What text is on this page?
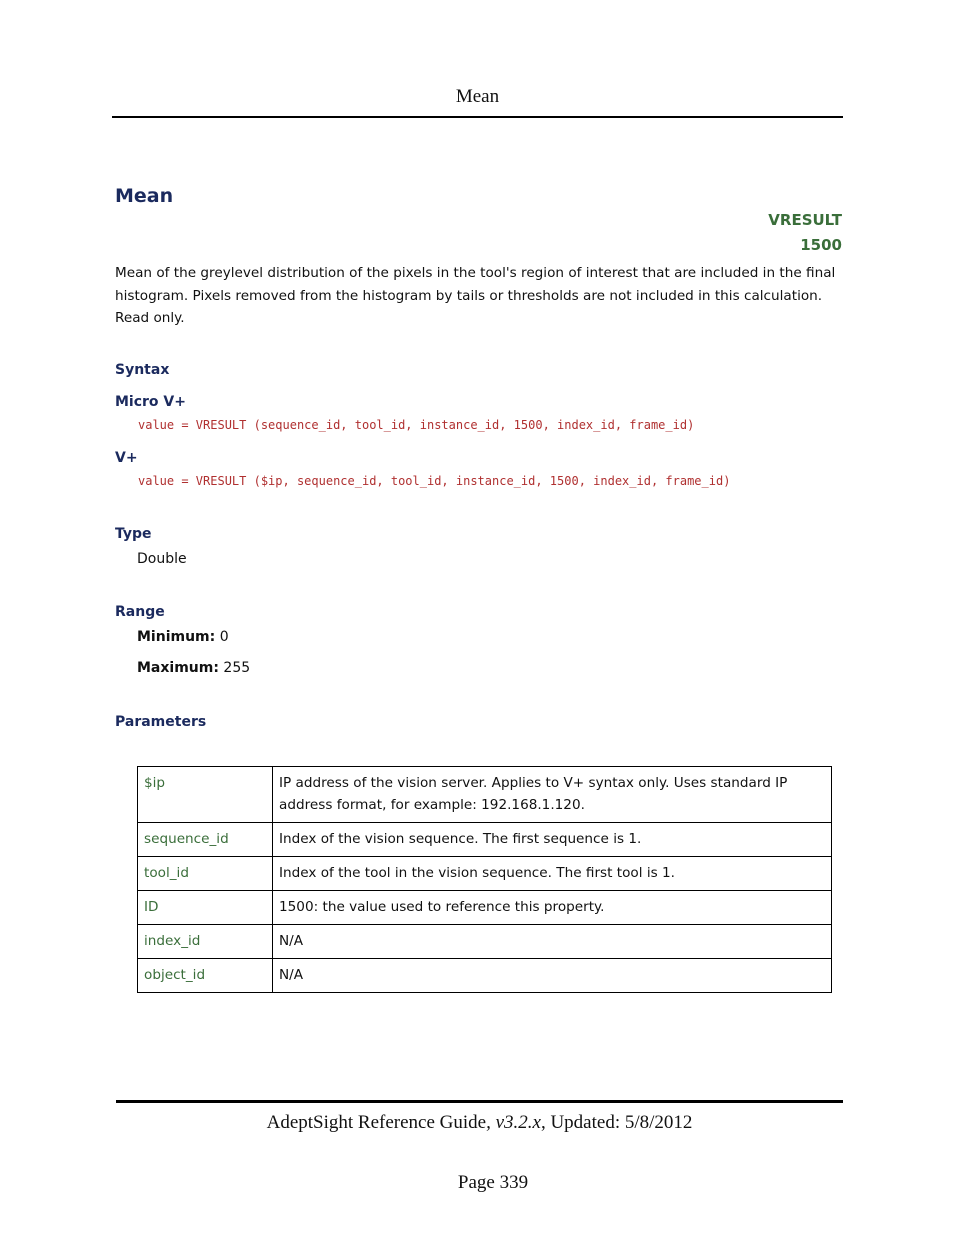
Mean
Mean
VRESULT
1500
Mean of the greylevel distribution of the pixels in the tool's region of interest that are included in the final histogram. Pixels removed from the histogram by tails or thresholds are not included in this calculation. Read only.
Syntax
Micro V+
value = VRESULT (sequence_id, tool_id, instance_id, 1500, index_id, frame_id)
V+
value = VRESULT ($ip, sequence_id, tool_id, instance_id, 1500, index_id, frame_id)
Type
Double
Range
Minimum: 0
Maximum: 255
Parameters
$ip	IP address of the vision server. Applies to V+ syntax only. Uses standard IP address format, for example: 192.168.1.120.
sequence_id	Index of the vision sequence. The first sequence is 1.
tool_id	Index of the tool in the vision sequence. The first tool is 1.
ID	1500: the value used to reference this property.
index_id	N/A
object_id	N/A
AdeptSight Reference Guide, v3.2.x, Updated: 5/8/2012
Page 339
